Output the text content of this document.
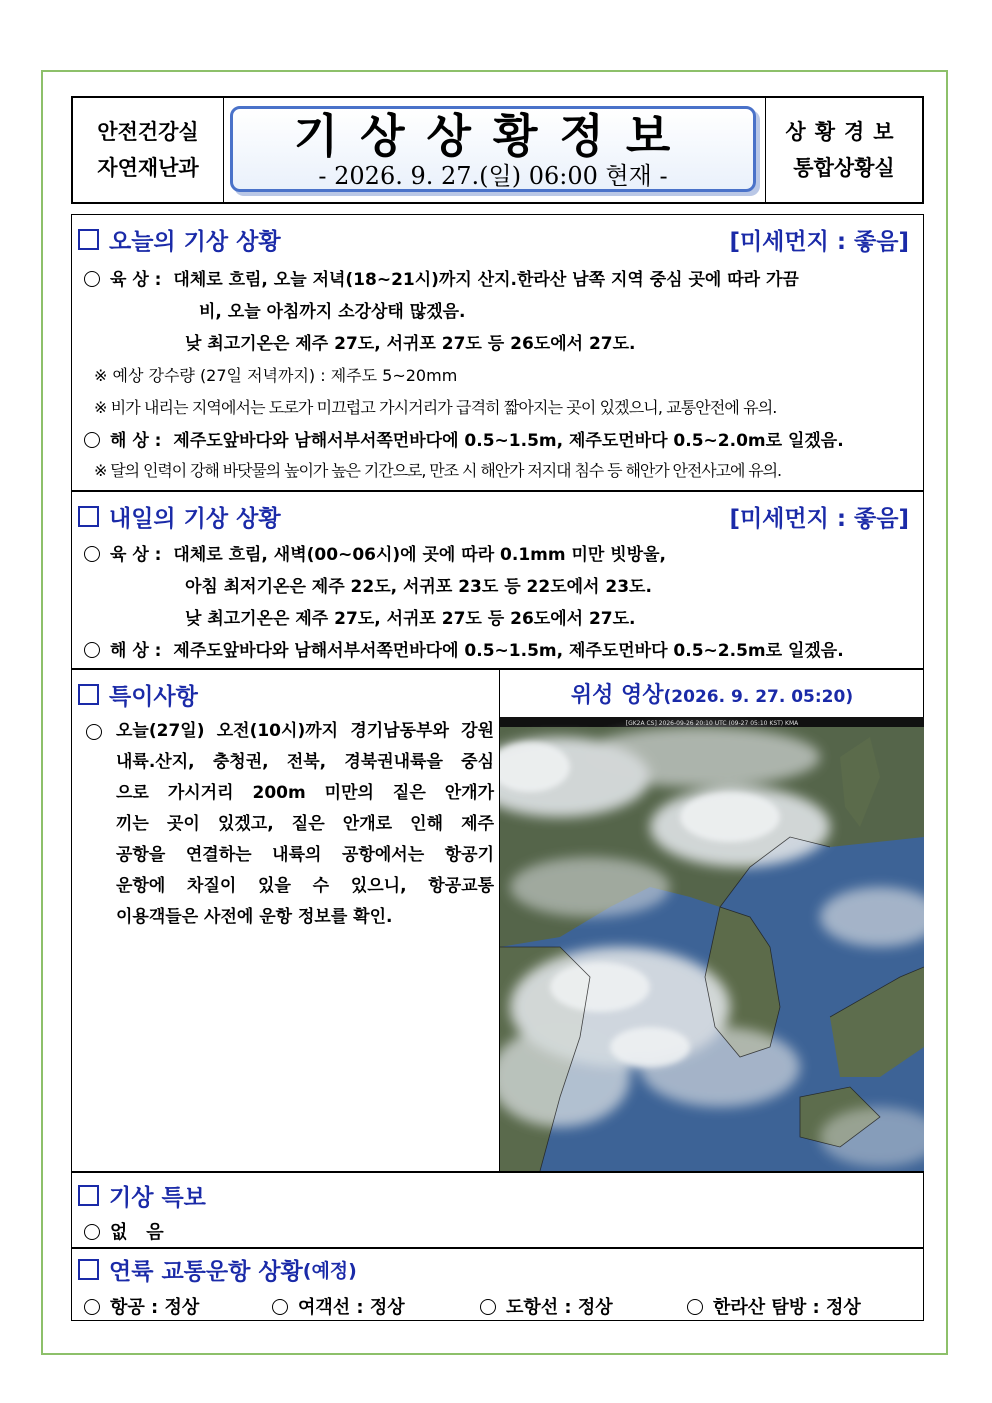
안전건강실
자연재난과
기상상황정보
- 2026. 9. 27.(일) 06:00 현재 -
상황경보
통합상황실
오늘의 기상 상황	[미세먼지 : 좋음]
육 상 : 대체로 흐림, 오늘 저녁(18~21시)까지 산지.한라산 남쪽 지역 중심 곳에 따라 가끔
비, 오늘 아침까지 소강상태 많겠음.
낮 최고기온은 제주 27도, 서귀포 27도 등 26도에서 27도.
※ 예상 강수량 (27일 저녁까지) : 제주도 5~20mm
※ 비가 내리는 지역에서는 도로가 미끄럽고 가시거리가 급격히 짧아지는 곳이 있겠으니, 교통안전에 유의.
해 상 : 제주도앞바다와 남해서부서쪽먼바다에 0.5~1.5m, 제주도먼바다 0.5~2.0m로 일겠음.
※ 달의 인력이 강해 바닷물의 높이가 높은 기간으로, 만조 시 해안가 저지대 침수 등 해안가 안전사고에 유의.
내일의 기상 상황	[미세먼지 : 좋음]
육 상 : 대체로 흐림, 새벽(00~06시)에 곳에 따라 0.1mm 미만 빗방울,
아침 최저기온은 제주 22도, 서귀포 23도 등 22도에서 23도.
낮 최고기온은 제주 27도, 서귀포 27도 등 26도에서 27도.
해 상 : 제주도앞바다와 남해서부서쪽먼바다에 0.5~1.5m, 제주도먼바다 0.5~2.5m로 일겠음.
특이사항

오늘(27일) 오전(10시)까지 경기남동부와 강원

내륙.산지, 충청권, 전북, 경북권내륙을 중심

으로 가시거리 200m 미만의 짙은 안개가

끼는 곳이 있겠고, 짙은 안개로 인해 제주

공항을 연결하는 내륙의 공항에서는 항공기

운항에 차질이 있을 수 있으니, 항공교통

이용객들은 사전에 운항 정보를 확인.

위성 영상(2026. 9. 27. 05:20)
[GK2A CS] 2026-09-26 20:10 UTC (09-27 05:10 KST) KMA
기상 특보
없   음
연륙 교통운항 상황 (예정)
항공 : 정상	여객선 : 정상	도항선 : 정상	한라산 탐방 : 정상
